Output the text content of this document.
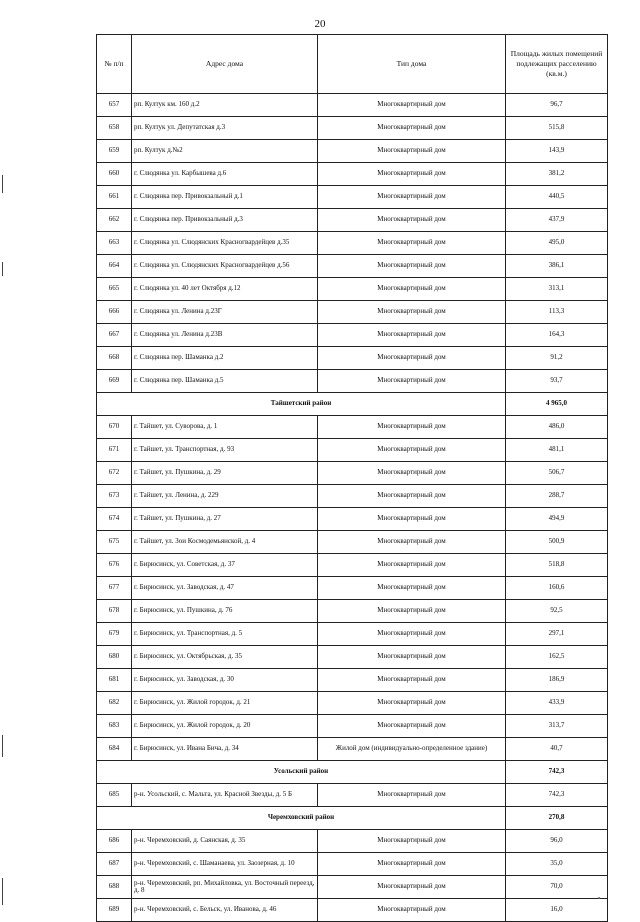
20
№ п/п	Адрес дома	Тип дома	Площадь жилых помещений подлежащих расселению (кв.м.)
657	рп. Култук км. 160 д.2	Многоквартирный дом	96,7
658	рп. Култук ул. Депутатская д.3	Многоквартирный дом	515,8
659	рп. Култук д.№2	Многоквартирный дом	143,9
660	г. Слюдянка ул. Карбышева д.6	Многоквартирный дом	381,2
661	г. Слюдянка пер. Привокзальный д.1	Многоквартирный дом	440,5
662	г. Слюдянка пер. Привокзальный д.3	Многоквартирный дом	437,9
663	г. Слюдянка ул. Слюдянских Красногвардейцев д.35	Многоквартирный дом	495,0
664	г. Слюдянка ул. Слюдянских Красногвардейцев д.56	Многоквартирный дом	386,1
665	г. Слюдянка ул. 40 лет Октября д.12	Многоквартирный дом	313,1
666	г. Слюдянка ул. Ленина д.23Г	Многоквартирный дом	113,3
667	г. Слюдянка ул. Ленина д.23В	Многоквартирный дом	164,3
668	г. Слюдянка пер. Шаманка д.2	Многоквартирный дом	91,2
669	г. Слюдянка пер. Шаманка д.5	Многоквартирный дом	93,7
Тайшетский район			4 965,0
670	г. Тайшет, ул. Суворова, д. 1	Многоквартирный дом	486,0
671	г. Тайшет, ул. Транспортная, д. 93	Многоквартирный дом	481,1
672	г. Тайшет, ул. Пушкина, д. 29	Многоквартирный дом	506,7
673	г. Тайшет, ул. Ленина, д. 229	Многоквартирный дом	288,7
674	г. Тайшет, ул. Пушкина, д. 27	Многоквартирный дом	494,9
675	г. Тайшет, ул. Зои Космодемьянской, д. 4	Многоквартирный дом	500,9
676	г. Бирюсинск, ул. Советская, д. 37	Многоквартирный дом	518,8
677	г. Бирюсинск, ул. Заводская, д. 47	Многоквартирный дом	160,6
678	г. Бирюсинск, ул. Пушкина, д. 76	Многоквартирный дом	92,5
679	г. Бирюсинск, ул. Транспортная, д. 5	Многоквартирный дом	297,1
680	г. Бирюсинск, ул. Октябрьская, д. 35	Многоквартирный дом	162,5
681	г. Бирюсинск, ул. Заводская, д. 30	Многоквартирный дом	186,9
682	г. Бирюсинск, ул. Жилой городок, д. 21	Многоквартирный дом	433,9
683	г. Бирюсинск, ул. Жилой городок, д. 20	Многоквартирный дом	313,7
684	г. Бирюсинск, ул. Ивана Бича, д. 34	Жилой дом (индивидуально-определенное здание)	40,7
Усольский район			742,3
685	р-н. Усольский, с. Мальта, ул. Красной Звезды, д. 5 Б	Многоквартирный дом	742,3
Черемховский район			270,8
686	р-н. Черемховский, д. Саянская, д. 35	Многоквартирный дом	96,0
687	р-н. Черемховский, с. Шаманаева, ул. Заозерная, д. 10	Многоквартирный дом	35,0
688	р-н. Черемховский, рп. Михайловка, ул. Восточный переезд, д. 8	Многоквартирный дом	70,0
689	р-н. Черемховский, с. Бельск, ул. Иванова, д. 46	Многоквартирный дом	16,0
